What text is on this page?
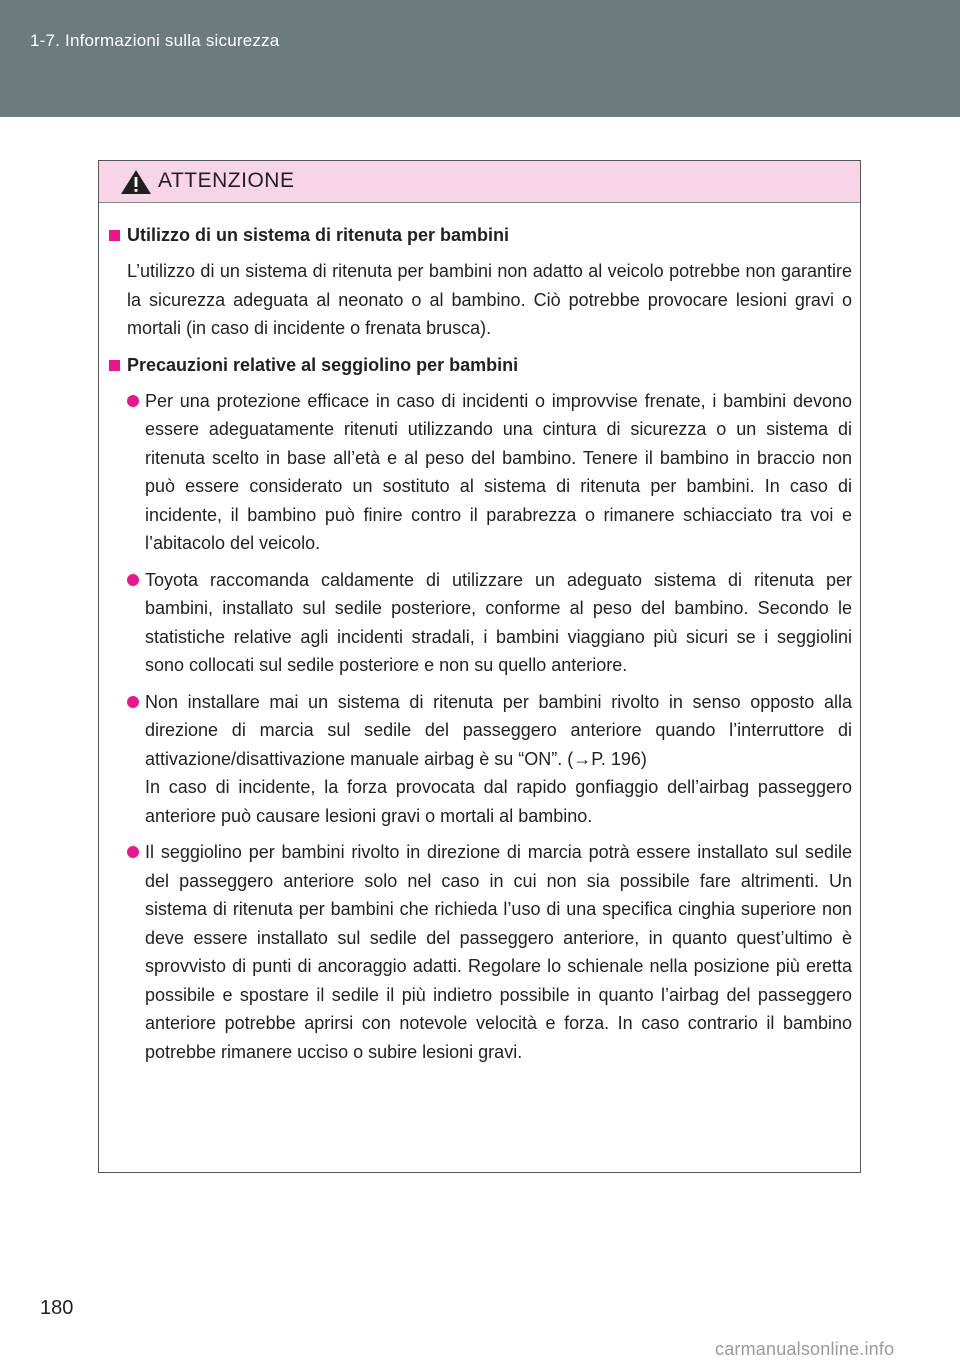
1-7. Informazioni sulla sicurezza
ATTENZIONE
Utilizzo di un sistema di ritenuta per bambini
L’utilizzo di un sistema di ritenuta per bambini non adatto al veicolo potrebbe non garantire la sicurezza adeguata al neonato o al bambino. Ciò potrebbe provocare lesioni gravi o mortali (in caso di incidente o frenata brusca).
Precauzioni relative al seggiolino per bambini
Per una protezione efficace in caso di incidenti o improvvise frenate, i bambini devono essere adeguatamente ritenuti utilizzando una cintura di sicurezza o un sistema di ritenuta scelto in base all’età e al peso del bambino. Tenere il bambino in braccio non può essere considerato un sostituto al sistema di ritenuta per bambini. In caso di incidente, il bambino può finire contro il parabrezza o rimanere schiacciato tra voi e l’abitacolo del veicolo.
Toyota raccomanda caldamente di utilizzare un adeguato sistema di ritenuta per bambini, installato sul sedile posteriore, conforme al peso del bambino. Secondo le statistiche relative agli incidenti stradali, i bambini viaggiano più sicuri se i seggiolini sono collocati sul sedile posteriore e non su quello anteriore.
Non installare mai un sistema di ritenuta per bambini rivolto in senso opposto alla direzione di marcia sul sedile del passeggero anteriore quando l’interruttore di attivazione/disattivazione manuale airbag è su “ON”. (→P. 196)
In caso di incidente, la forza provocata dal rapido gonfiaggio dell’airbag passeggero anteriore può causare lesioni gravi o mortali al bambino.
Il seggiolino per bambini rivolto in direzione di marcia potrà essere installato sul sedile del passeggero anteriore solo nel caso in cui non sia possibile fare altrimenti. Un sistema di ritenuta per bambini che richieda l’uso di una specifica cinghia superiore non deve essere installato sul sedile del passeggero anteriore, in quanto quest’ultimo è sprovvisto di punti di ancoraggio adatti. Regolare lo schienale nella posizione più eretta possibile e spostare il sedile il più indietro possibile in quanto l’airbag del passeggero anteriore potrebbe aprirsi con notevole velocità e forza. In caso contrario il bambino potrebbe rimanere ucciso o subire lesioni gravi.
180
carmanualsonline.info
